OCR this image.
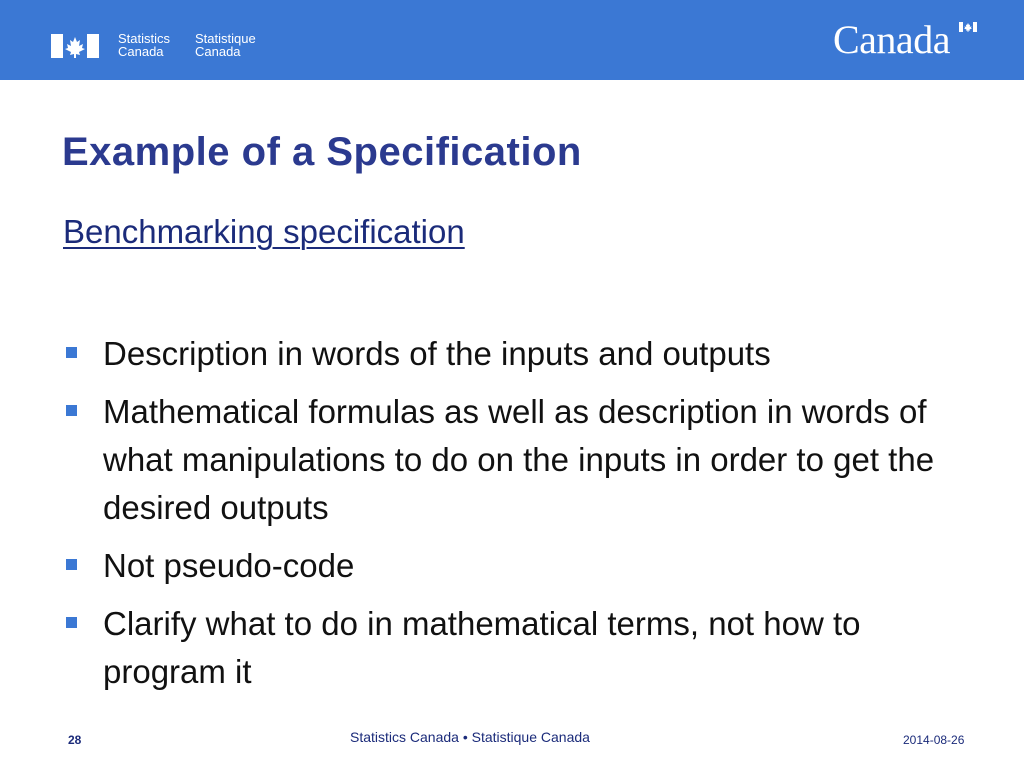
Statistics
Canada
Statistique
Canada	Canada
Example of a Specification
Benchmarking specification
Description in words of the inputs and outputs
Mathematical formulas as well as description in words of what manipulations to do on the inputs in order to get the desired outputs
Not pseudo-code
Clarify what to do in mathematical terms, not how to program it
28	Statistics Canada • Statistique Canada	2014-08-26
